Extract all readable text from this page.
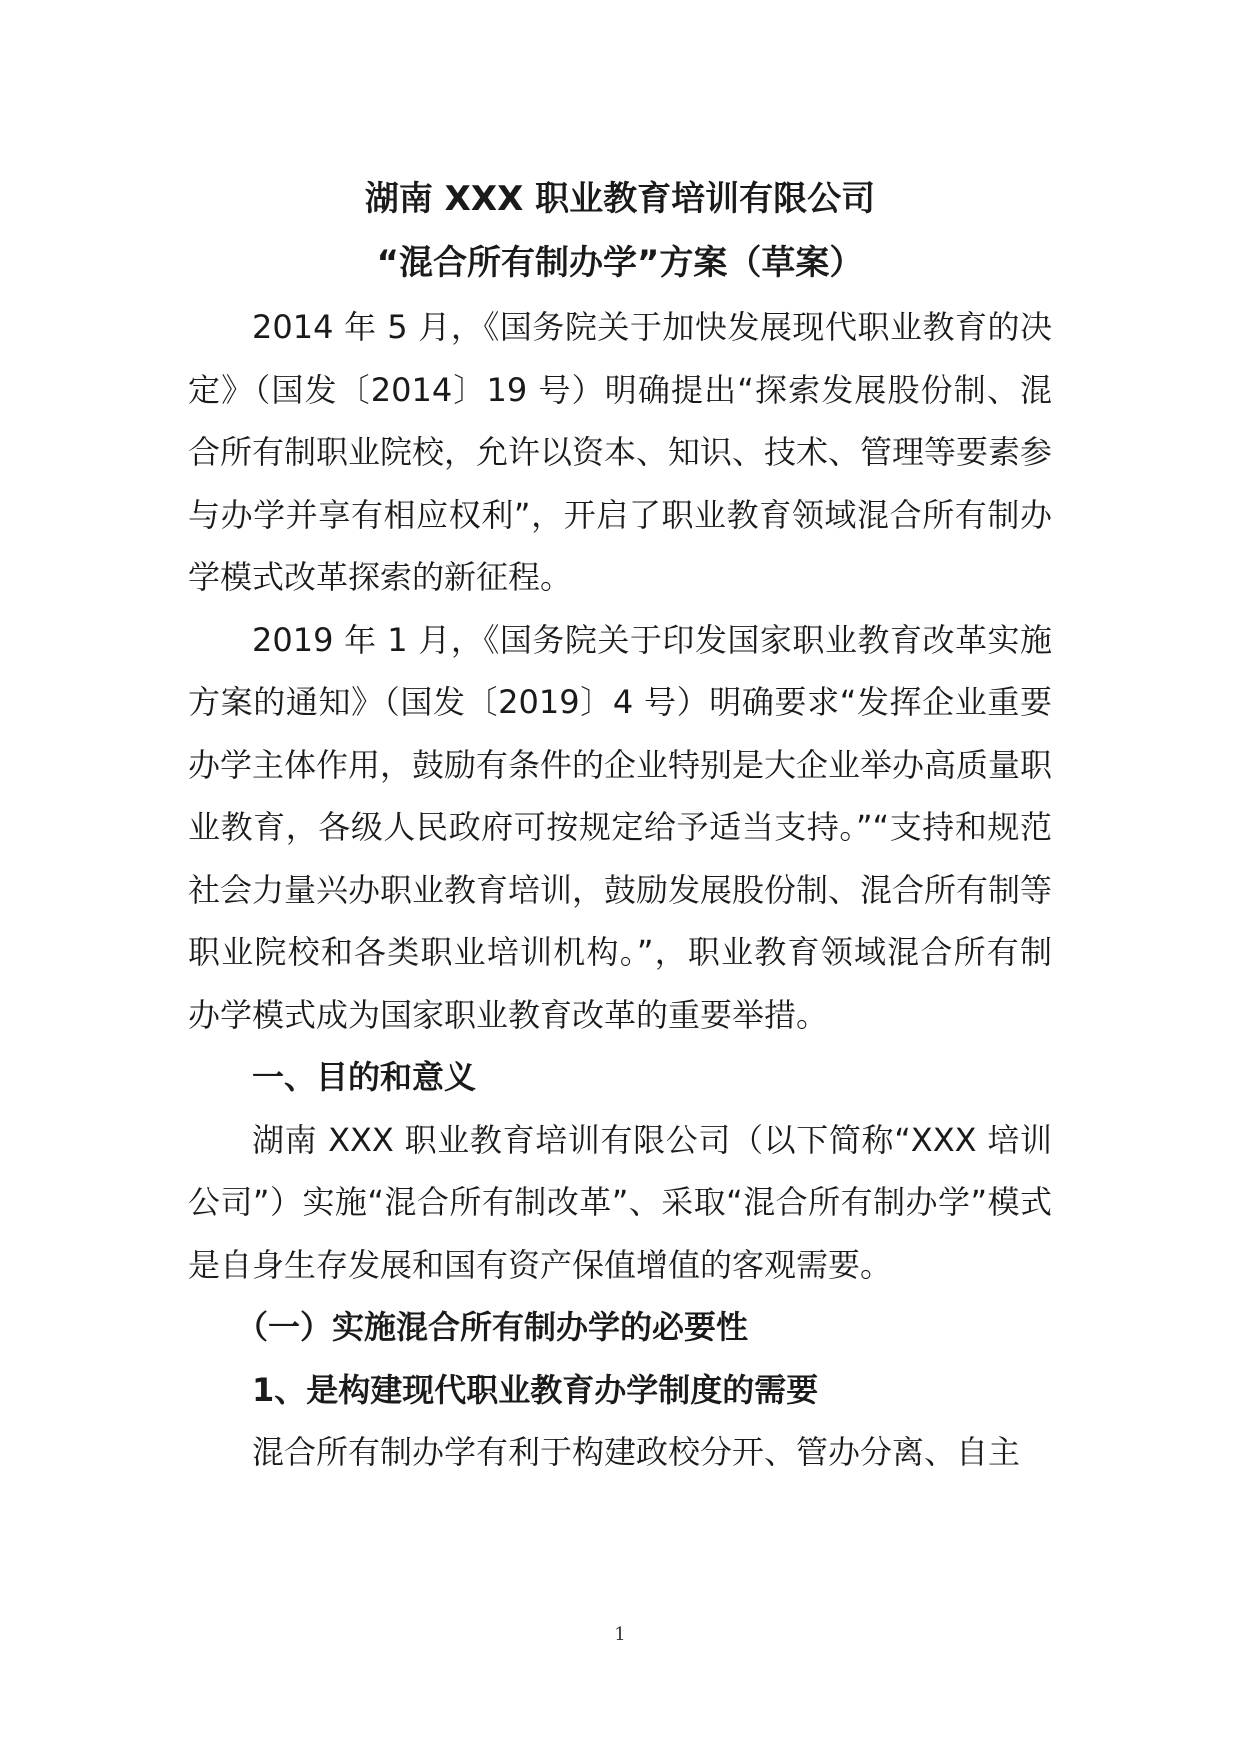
湖南 XXX 职业教育培训有限公司
“混合所有制办学”方案（草案）

2014 年 5 月，《国务院关于加快发展现代职业教育的决定》（国发〔2014〕19 号）明确提出“探索发展股份制、混合所有制职业院校，允许以资本、知识、技术、管理等要素参与办学并享有相应权利”，开启了职业教育领域混合所有制办学模式改革探索的新征程。

2019 年 1 月，《国务院关于印发国家职业教育改革实施方案的通知》（国发〔2019〕4 号）明确要求“发挥企业重要办学主体作用，鼓励有条件的企业特别是大企业举办高质量职业教育，各级人民政府可按规定给予适当支持。”“支持和规范社会力量兴办职业教育培训，鼓励发展股份制、混合所有制等职业院校和各类职业培训机构。”，职业教育领域混合所有制办学模式成为国家职业教育改革的重要举措。

一、目的和意义

湖南 XXX 职业教育培训有限公司（以下简称“XXX 培训公司”）实施“混合所有制改革”、采取“混合所有制办学”模式是自身生存发展和国有资产保值增值的客观需要。

（一）实施混合所有制办学的必要性

1、是构建现代职业教育办学制度的需要

混合所有制办学有利于构建政校分开、管办分离、自主

1
